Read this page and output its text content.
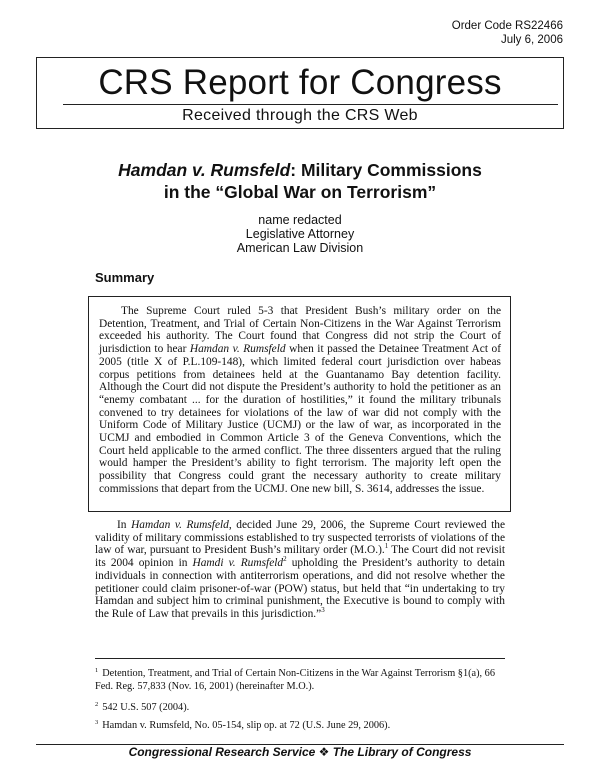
Order Code RS22466
July 6, 2006
CRS Report for Congress
Received through the CRS Web
Hamdan v. Rumsfeld: Military Commissions
in the “Global War on Terrorism”
name redacted
Legislative Attorney
American Law Division
Summary

The Supreme Court ruled 5-3 that President Bush’s military order on the Detention, Treatment, and Trial of Certain Non-Citizens in the War Against Terrorism exceeded his authority. The Court found that Congress did not strip the Court of jurisdiction to hear Hamdan v. Rumsfeld when it passed the Detainee Treatment Act of 2005 (title X of P.L.109-148), which limited federal court jurisdiction over habeas corpus petitions from detainees held at the Guantanamo Bay detention facility. Although the Court did not dispute the President’s authority to hold the petitioner as an “enemy combatant ... for the duration of hostilities,” it found the military tribunals convened to try detainees for violations of the law of war did not comply with the Uniform Code of Military Justice (UCMJ) or the law of war, as incorporated in the UCMJ and embodied in Common Article 3 of the Geneva Conventions, which the Court held applicable to the armed conflict. The three dissenters argued that the ruling would hamper the President’s ability to fight terrorism. The majority left open the possibility that Congress could grant the necessary authority to create military commissions that depart from the UCMJ. One new bill, S. 3614, addresses the issue.

In Hamdan v. Rumsfeld, decided June 29, 2006, the Supreme Court reviewed the validity of military commissions established to try suspected terrorists of violations of the law of war, pursuant to President Bush’s military order (M.O.).$^1$ The Court did not revisit its 2004 opinion in Hamdi v. Rumsfeld$^2$ upholding the President’s authority to detain individuals in connection with antiterrorism operations, and did not resolve whether the petitioner could claim prisoner-of-war (POW) status, but held that “in undertaking to try Hamdan and subject him to criminal punishment, the Executive is bound to comply with the Rule of Law that prevails in this jurisdiction.”$^3$

$^1$ Detention, Treatment, and Trial of Certain Non-Citizens in the War Against Terrorism §1(a), 66 Fed. Reg. 57,833 (Nov. 16, 2001) (hereinafter M.O.).

$^2$ 542 U.S. 507 (2004).

$^3$ Hamdan v. Rumsfeld, No. 05-154, slip op. at 72 (U.S. June 29, 2006).

Congressional Research Service ❖ The Library of Congress
